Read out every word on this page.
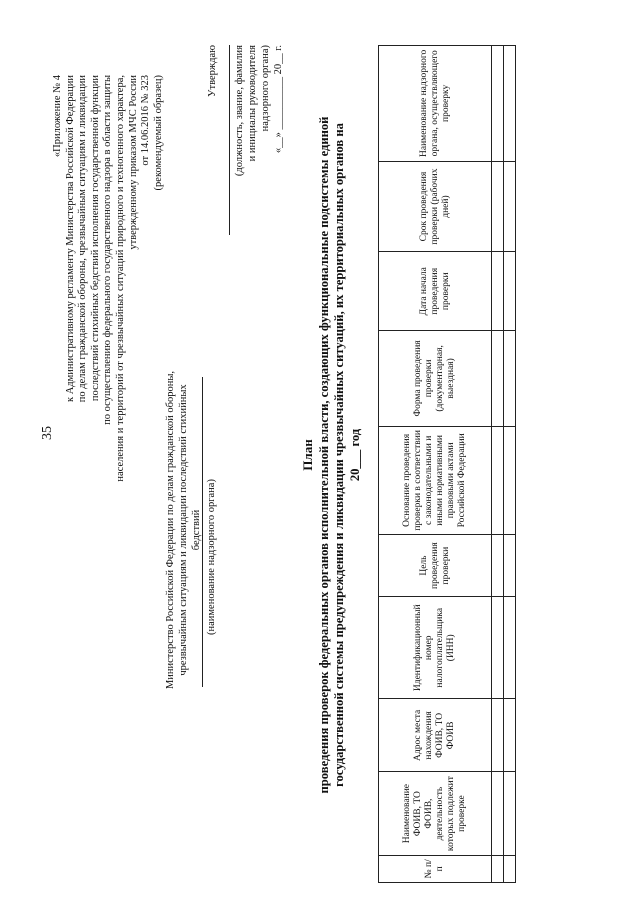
35
«Приложение № 4 к Административному регламенту Министерства Российской Федерации по делам гражданской обороны, чрезвычайным ситуациям и ликвидации последствий стихийных бедствий исполнения государственной функции по осуществлению федерального государственного надзора в области защиты населения и территорий от чрезвычайных ситуаций природного и техногенного характера, утвержденному приказом МЧС России от 14.06.2016 № 323 (рекомендуемый образец)
Министерство Российской Федерации по делам гражданской обороны, чрезвычайным ситуациям и ликвидации последствий стихийных бедствий (наименование надзорного органа)
Утверждаю (должность, звание, фамилия и инициалы руководителя надзорного органа) «__» __________ 20__ г.
План проведения проверок федеральных органов исполнительной власти, создающих функциональные подсистемы единой государственной системы предупреждения и ликвидации чрезвычайных ситуаций, их территориальных органов на 20___ год
№ п/п	Наименование ФОИВ, ТО ФОИВ, деятельность которых подлежит проверке	Адрос места нахождения ФОИВ, ТО ФОИВ	Идентификационный номер налогоплательщика (ИНН)	Цель проведения проверки	Основание проведения проверки в соответствии с законодательными и иными нормативными правовыми актами Российской Федерации	Форма проведения проверки (документарная, выездная)	Дата начала проведения проверки	Срок проведения проверки (рабочих дней)	Наименование надзорного органа, осуществляющего проверку
